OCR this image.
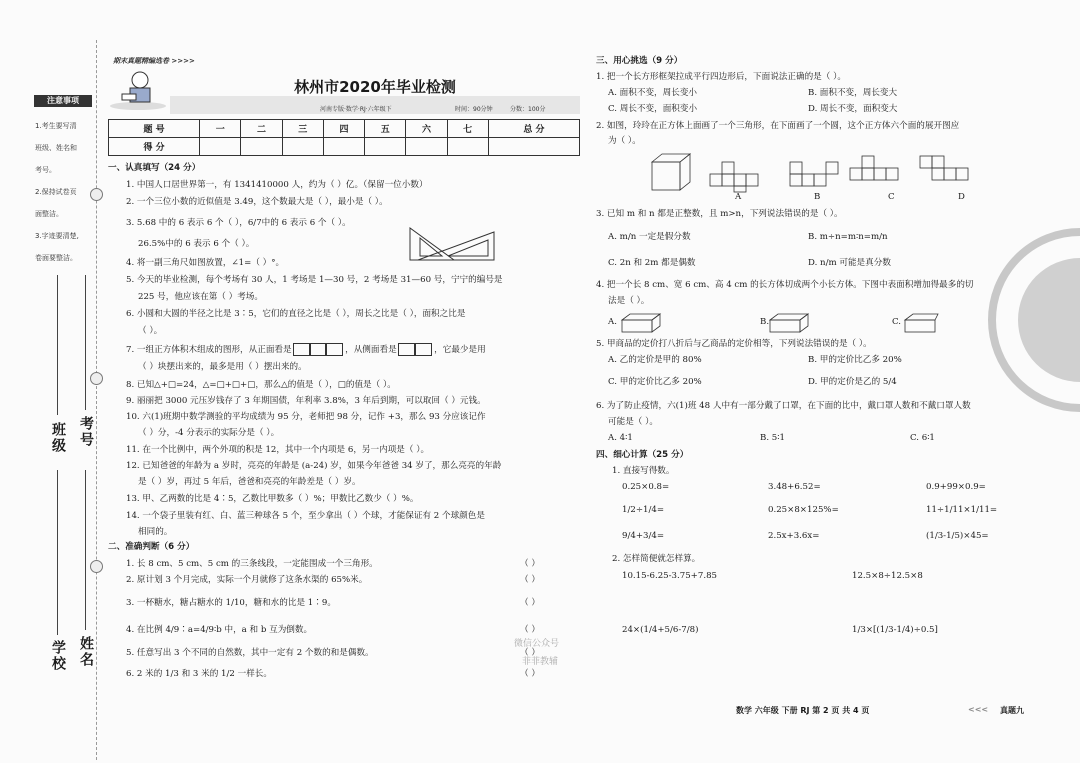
注意事项

1.考生要写清

班级、姓名和

考号。

2.保持试卷页

面整洁。

3.字迹要清楚,

卷面要整洁。

班级 考号
学校 姓名
期末真题精编选卷 >>>>
林州市2020年毕业检测
河南专版·数学·RJ·六年级下	时间：90分钟	分数：100分
题 号	一	二	三	四	五	六	七	总 分
得 分								
一、认真填写（24 分）
1. 中国人口居世界第一，有 1341410000 人，约为（ ）亿。（保留一位小数）
2. 一个三位小数的近似值是 3.49，这个数最大是（ ），最小是（ ）。
3. 5.68 中的 6 表示 6 个（ ），6/7中的 6 表示 6 个（ ）。
26.5%中的 6 表示 6 个（ ）。
4. 将一副三角尺如图放置，∠1=（ ）°。
5. 今天的毕业检测，每个考场有 30 人，1 考场是 1—30 号，2 考场是 31—60 号，宁宁的编号是
225 号，他应该在第（ ）考场。
6. 小圆和大圆的半径之比是 3∶5，它们的直径之比是（ ），周长之比是（ ），面积之比是
（ ）。
7. 一组正方体积木组成的图形，从正面看是	，从侧面看是	，它最少是用
（ ）块摆出来的，最多是用（ ）摆出来的。
8. 已知△+□=24，△=□+□+□，那么△的值是（ ），□的值是（ ）。
9. 丽丽把 3000 元压岁钱存了 3 年期国债，年利率 3.8%，3 年后到期，可以取回（ ）元钱。
10. 六(1)班期中数学测验的平均成绩为 95 分，老师把 98 分，记作 +3，那么 93 分应该记作
（ ）分，-4 分表示的实际分是（ ）。
11. 在一个比例中，两个外项的积是 12，其中一个内项是 6，另一内项是（ ）。
12. 已知爸爸的年龄为 a 岁时，亮亮的年龄是 (a-24) 岁，如果今年爸爸 34 岁了，那么亮亮的年龄
是（ ）岁，再过 5 年后，爸爸和亮亮的年龄差是（ ）岁。
13. 甲、乙两数的比是 4∶5，乙数比甲数多（ ）%；甲数比乙数少（ ）%。
14. 一个袋子里装有红、白、蓝三种球各 5 个，至少拿出（ ）个球，才能保证有 2 个球颜色是
相同的。
二、准确判断（6 分）
1. 长 8 cm、5 cm、5 cm 的三条线段，一定能围成一个三角形。	（ ）
2. 原计划 3 个月完成，实际一个月就修了这条水渠的 65%米。	（ ）
3. 一杯糖水，糖占糖水的 1/10，糖和水的比是 1∶9。	（ ）
4. 在比例 4/9∶a=4/9∶b 中，a 和 b 互为倒数。	（ ）
5. 任意写出 3 个不同的自然数，其中一定有 2 个数的和是偶数。	（ ）
6. 2 米的 1/3 和 3 米的 1/2 一样长。	（ ）
三、用心挑选（9 分）
1. 把一个长方形框架拉成平行四边形后，下面说法正确的是（ ）。
A. 面积不变，周长变小	B. 面积不变，周长变大
C. 周长不变，面积变小	D. 周长不变，面积变大
2. 如图，玲玲在正方体上面画了一个三角形，在下面画了一个圆，这个正方体六个面的展开图应
为（ ）。
A	B	C	D
3. 已知 m 和 n 都是正整数，且 m>n，下列说法错误的是（ ）。
A. m/n 一定是假分数	B. m÷n=m∶n=m/n
C. 2n 和 2m 都是偶数	D. n/m 可能是真分数
4. 把一个长 8 cm、宽 6 cm、高 4 cm 的长方体切成两个小长方体。下图中表面积增加得最多的切
法是（ ）。
A.	B.	C.
5. 甲商品的定价打八折后与乙商品的定价相等，下列说法错误的是（ ）。
A. 乙的定价是甲的 80%	B. 甲的定价比乙多 20%
C. 甲的定价比乙多 20%	D. 甲的定价是乙的 5/4
6. 为了防止疫情，六(1)班 48 人中有一部分戴了口罩，在下面的比中，戴口罩人数和不戴口罩人数
可能是（ ）。
A. 4∶1	B. 5∶1	C. 6∶1
四、细心计算（25 分）
1. 直接写得数。
0.25×0.8=	3.48+6.52=	0.9+99×0.9=
1/2÷1/4=	0.25×8×125%=	11÷1/11×1/11=
9/4+3/4=	2.5x+3.6x=	(1/3-1/5)×45=
2. 怎样简便就怎样算。
10.15-6.25-3.75+7.85	12.5×8÷12.5×8
24×(1/4+5/6-7/8)	1/3×[(1/3-1/4)÷0.5]
微信公众号
菲菲教辅
数学 六年级 下册 RJ 第 2 页 共 4 页	<<< 真题九
